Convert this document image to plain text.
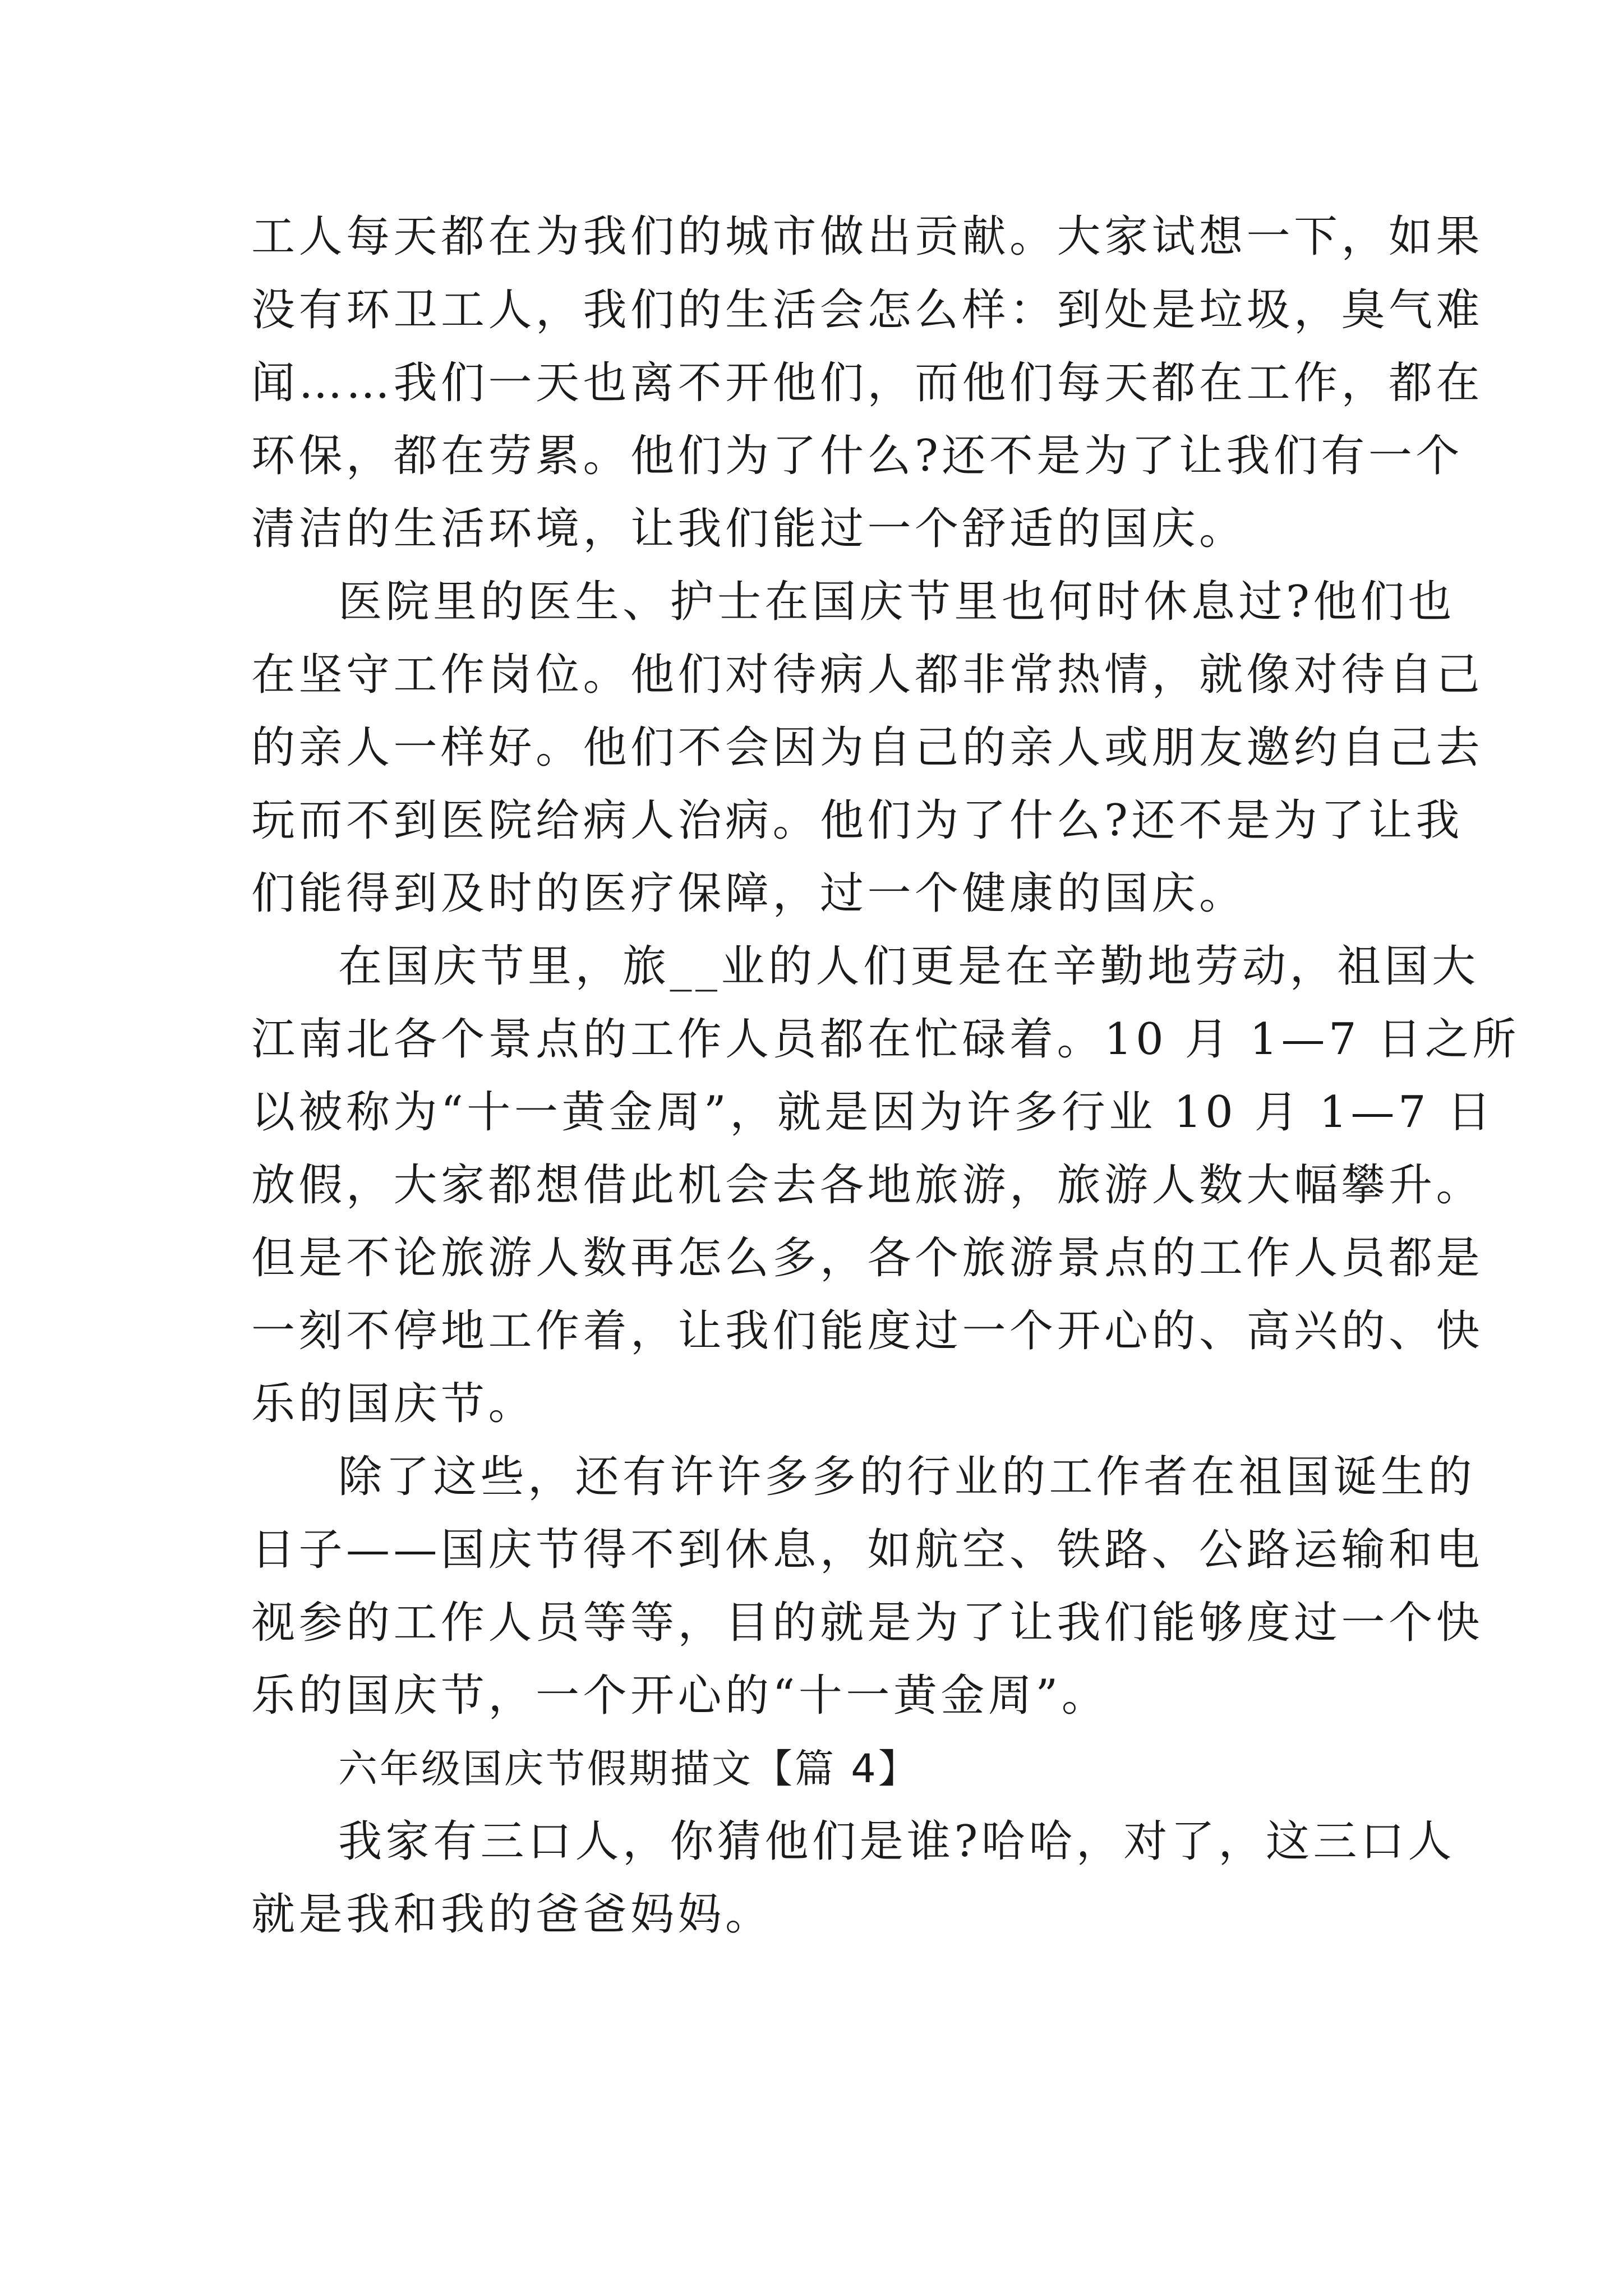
工人每天都在为我们的城市做出贡献。大家试想一下，如果
没有环卫工人，我们的生活会怎么样：到处是垃圾，臭气难
闻……我们一天也离不开他们，而他们每天都在工作，都在
环保，都在劳累。他们为了什么?还不是为了让我们有一个
清洁的生活环境，让我们能过一个舒适的国庆。
医院里的医生、护士在国庆节里也何时休息过?他们也
在坚守工作岗位。他们对待病人都非常热情，就像对待自己
的亲人一样好。他们不会因为自己的亲人或朋友邀约自己去
玩而不到医院给病人治病。他们为了什么?还不是为了让我
们能得到及时的医疗保障，过一个健康的国庆。
在国庆节里，旅__业的人们更是在辛勤地劳动，祖国大
江南北各个景点的工作人员都在忙碌着。10 月 1—7 日之所
以被称为“十一黄金周”，就是因为许多行业 10 月 1—7 日
放假，大家都想借此机会去各地旅游，旅游人数大幅攀升。
但是不论旅游人数再怎么多，各个旅游景点的工作人员都是
一刻不停地工作着，让我们能度过一个开心的、高兴的、快
乐的国庆节。
除了这些，还有许许多多的行业的工作者在祖国诞生的
日子——国庆节得不到休息，如航空、铁路、公路运输和电
视参的工作人员等等，目的就是为了让我们能够度过一个快
乐的国庆节，一个开心的“十一黄金周”。
六年级国庆节假期描文【篇 4】
我家有三口人，你猜他们是谁?哈哈，对了，这三口人
就是我和我的爸爸妈妈。
